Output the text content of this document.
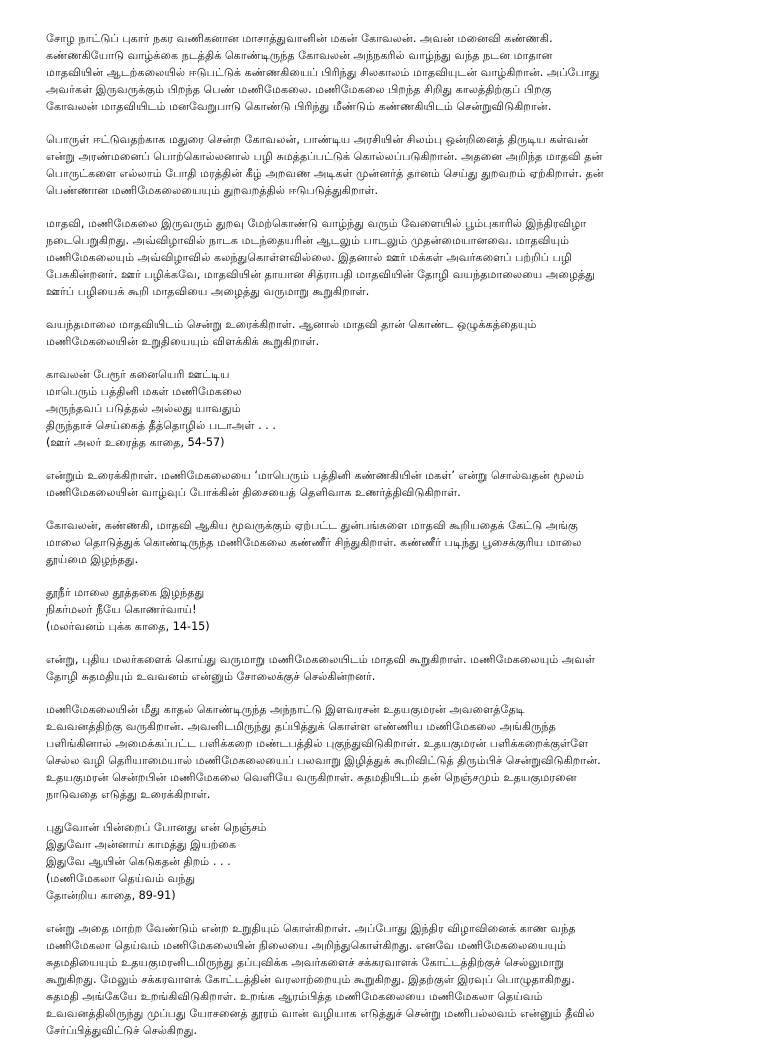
சோழ நாட்டுப் புகார் நகர வணிகனான மாசாத்துவானின் மகன் கோவலன். அவன் மனைவி கண்ணகி.
கண்ணகியோடு வாழ்க்கை நடத்திக் கொண்டிருந்த கோவலன் அந்நகரில் வாழ்ந்து வந்த நடன மாதான
மாதவியின் ஆடற்கலையில் ஈடுபட்டுக் கண்ணகியைப் பிரிந்து சிலகாலம் மாதவியுடன் வாழ்கிறான். அப்போது
அவர்கள் இருவருக்கும் பிறந்த பெண் மணிமேகலை. மணிமேகலை பிறந்த சிறிது காலத்திற்குப் பிறகு
கோவலன் மாதவியிடம் மனவேறுபாடு கொண்டு பிரிந்து மீண்டும் கண்ணகியிடம் சென்றுவிடுகிறான்.

பொருள் ஈட்டுவதற்காக மதுரை சென்ற கோவலன், பாண்டிய அரசியின் சிலம்பு ஒன்றினைத் திருடிய கள்வன்
என்று அரண்மனைப் பொற்கொல்லனால் பழி சுமத்தப்பட்டுக் கொல்லப்படுகிறான். அதனை அறிந்த மாதவி தன்
பொருட்களை எல்லாம் போதி மரத்தின் கீழ் அறவண அடிகள் முன்னர்த் தானம் செய்து துறவறம் ஏற்கிறாள். தன்
பெண்ணான மணிமேகலையையும் துறவறத்தில் ஈடுபடுத்துகிறாள்.

மாதவி, மணிமேகலை இருவரும் துறவு மேற்கொண்டு வாழ்ந்து வரும் வேளையில் பூம்புகாரில் இந்திரவிழா
நடைபெறுகிறது. அவ்விழாவில் நாடக மடந்தையரின் ஆடலும் பாடலும் முதன்மையானவை. மாதவியும்
மணிமேகலையும் அவ்விழாவில் கலந்துகொள்ளவில்லை. இதனால் ஊர் மக்கள் அவர்களைப் பற்றிப் பழி
பேசுகின்றனர். ஊர் பழிக்கவே, மாதவியின் தாயான சித்ராபதி மாதவியின் தோழி வயந்தமாலையை அழைத்து
ஊர்ப் பழியைக் கூறி மாதவியை அழைத்து வருமாறு கூறுகிறாள்.

வயந்தமாலை மாதவியிடம் சென்று உரைக்கிறாள். ஆனால் மாதவி தான் கொண்ட ஒழுக்கத்தையும்
மணிமேகலையின் உறுதியையும் விளக்கிக் கூறுகிறாள்.

காவலன் பேரூர் கனையெரி ஊட்டிய
மாபெரும் பத்தினி மகள் மணிமேகலை
அருந்தவப் படுத்தல் அல்லது யாவதும்
திருந்தாச் செய்கைத் தீத்தொழில் படாஅள் . . .
(ஊர் அலர் உரைத்த காதை, 54-57)

என்றும் உரைக்கிறாள். மணிமேகலையை ‘மாபெரும் பத்தினி கண்ணகியின் மகள்’ என்று சொல்வதன் மூலம்
மணிமேகலையின் வாழ்வுப் போக்கின் திசையைத் தெளிவாக உணர்த்திவிடுகிறாள்.

கோவலன், கண்ணகி, மாதவி ஆகிய மூவருக்கும் ஏற்பட்ட துன்பங்களை மாதவி கூறியதைக் கேட்டு அங்கு
மாலை தொடுத்துக் கொண்டிருந்த மணிமேகலை கண்ணீர் சிந்துகிறாள். கண்ணீர் படிந்து பூசைக்குரிய மாலை
தூய்மை இழந்தது.

தூநீர் மாலை தூத்தகை இழந்தது
நிகர்மலர் நீயே கொணர்வாய்!
(மலர்வனம் புக்க காதை, 14-15)

என்று, புதிய மலர்களைக் கொய்து வருமாறு மணிமேகலையிடம் மாதவி கூறுகிறாள். மணிமேகலையும் அவள்
தோழி சுதமதியும் உவவனம் என்னும் சோலைக்குச் செல்கின்றனர்.

மணிமேகலையின் மீது காதல் கொண்டிருந்த அந்நாட்டு இளவரசன் உதயகுமரன் அவளைத்தேடி
உவவனத்திற்கு வருகிறான். அவனிடமிருந்து தப்பித்துக் கொள்ள எண்ணிய மணிமேகலை அங்கிருந்த
பளிங்கினால் அமைக்கப்பட்ட பளிக்கறை மண்டபத்தில் புகுந்துவிடுகிறாள். உதயகுமரன் பளிக்கறைக்குள்ளே
செல்ல வழி தெரியாமையால் மணிமேகலையைப் பலவாறு இழித்துக் கூறிவிட்டுத் திரும்பிச் சென்றுவிடுகிறான்.
உதயகுமரன் சென்றபின் மணிமேகலை வெளியே வருகிறாள். சுதமதியிடம் தன் நெஞ்சமும் உதயகுமரனை
நாடுவதை எடுத்து உரைக்கிறாள்.

புதுவோன் பின்றைப் போனது என் நெஞ்சம்
இதுவோ அன்னாய் காமத்து இயற்கை
இதுவே ஆயின் கெடுகதன் திறம் . . .
(மணிமேகலா தெய்வம் வந்து
தோன்றிய காதை, 89-91)

என்று அதை மாற்ற வேண்டும் என்ற உறுதியும் கொள்கிறாள். அப்போது இந்திர விழாவினைக் காண வந்த
மணிமேகலா தெய்வம் மணிமேகலையின் நிலையை அறிந்துகொள்கிறது. எனவே மணிமேகலையையும்
சுதமதியையும் உதயகுமரனிடமிருந்து தப்புவிக்க அவர்களைச் சக்கரவாளக் கோட்டத்திற்குச் செல்லுமாறு
கூறுகிறது. மேலும் சக்கரவாளக் கோட்டத்தின் வரலாற்றையும் கூறுகிறது. இதற்குள் இரவுப் பொழுதாகிறது.
சுதமதி அங்கேயே உறங்கிவிடுகிறாள். உறங்க ஆரம்பித்த மணிமேகலையை மணிமேகலா தெய்வம்
உவவனத்திலிருந்து முப்பது யோசனைத் தூரம் வான் வழியாக எடுத்துச் சென்று மணிபல்லவம் என்னும் தீவில்
சேர்ப்பித்துவிட்டுச் செல்கிறது.
